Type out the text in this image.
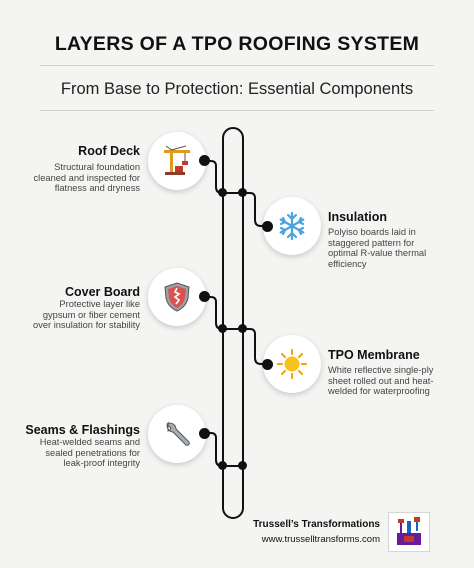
LAYERS OF A TPO ROOFING SYSTEM
From Base to Protection: Essential Components
Roof Deck
Structural foundation
cleaned and inspected for
flatness and dryness
Insulation
Polyiso boards laid in
staggered pattern for
optimal R-value thermal
efficiency
Cover Board
Protective layer like
gypsum or fiber cement
over insulation for stability
TPO Membrane
White reflective single-ply
sheet rolled out and heat-
welded for waterproofing
Seams & Flashings
Heat-welded seams and
sealed penetrations for
leak-proof integrity
Trussell’s Transformations
www.trusselltransforms.com
